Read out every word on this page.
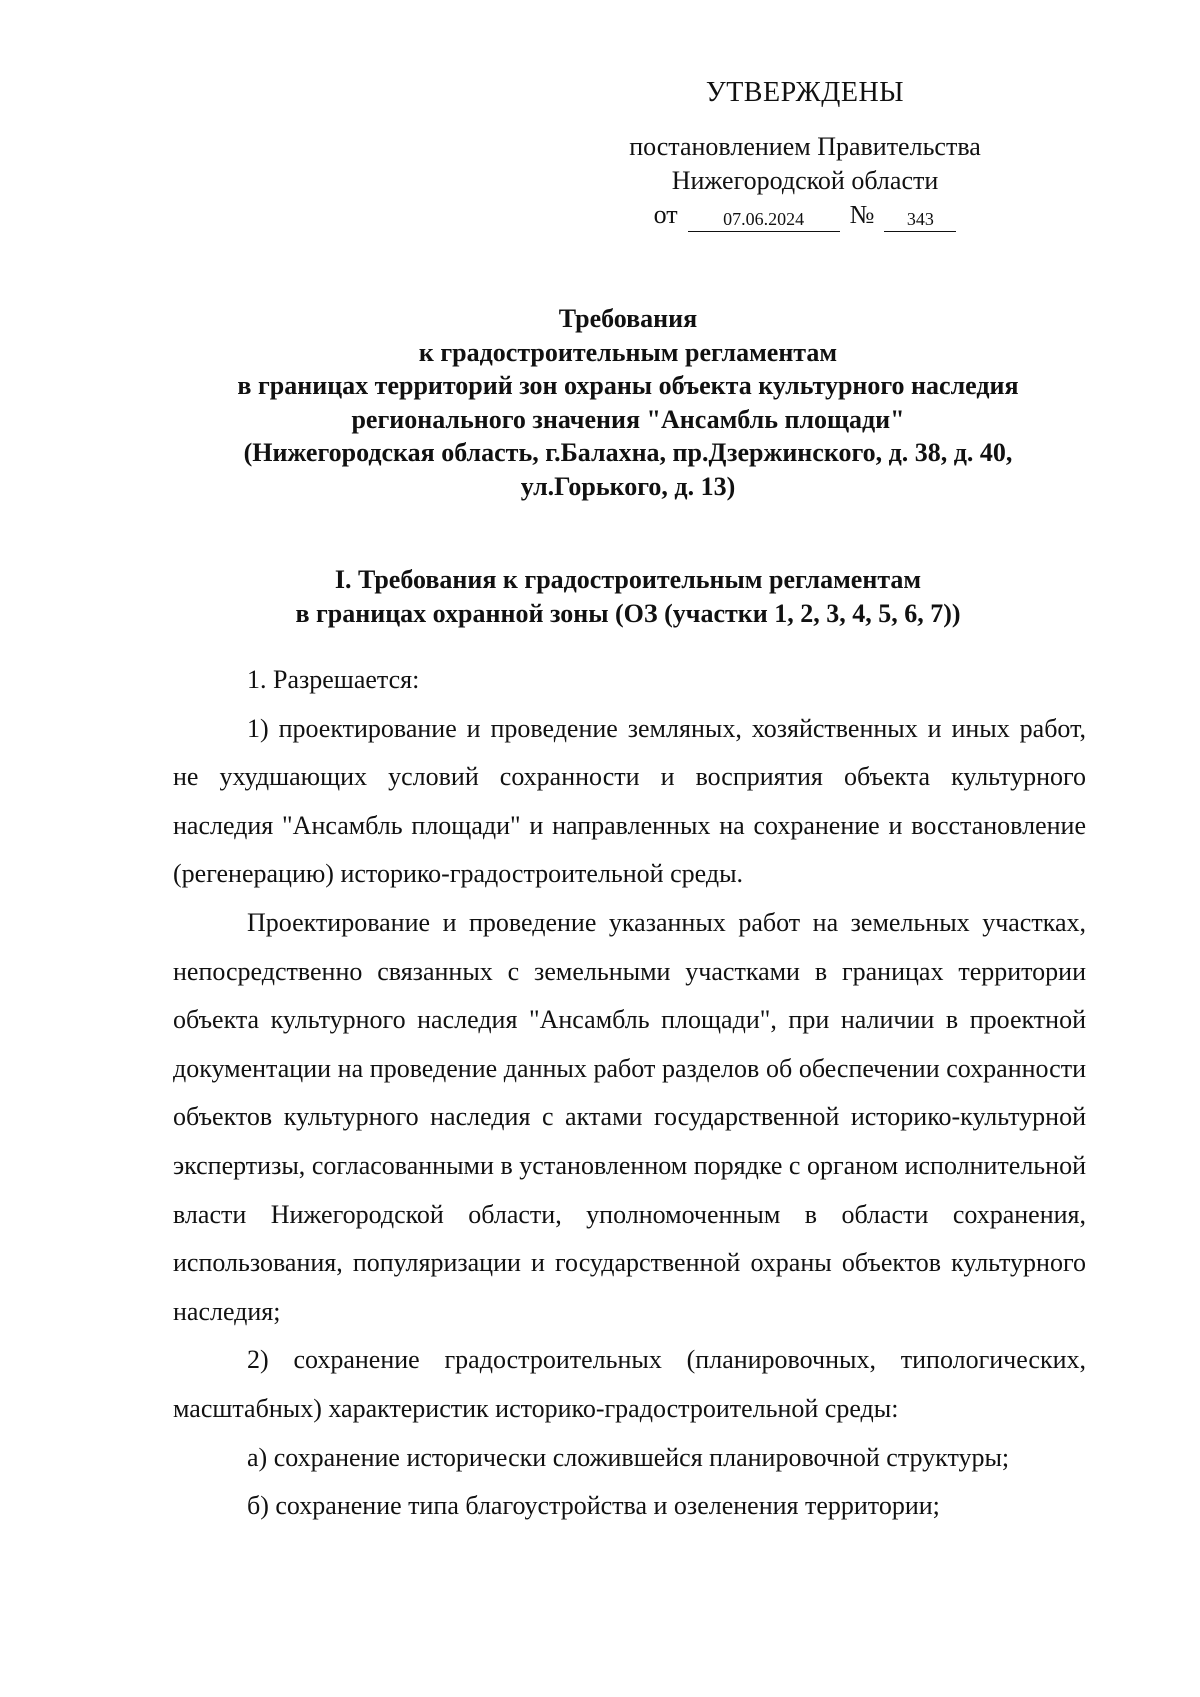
УТВЕРЖДЕНЫ
постановлением Правительства
Нижегородской области
от	07.06.2024	№	343
Требования
к градостроительным регламентам
в границах территорий зон охраны объекта культурного наследия
регионального значения "Ансамбль площади"
(Нижегородская область, г.Балахна, пр.Дзержинского, д. 38, д. 40,
ул.Горького, д. 13)
I. Требования к градостроительным регламентам
в границах охранной зоны (ОЗ (участки 1, 2, 3, 4, 5, 6, 7))

1. Разрешается:

1) проектирование и проведение земляных, хозяйственных и иных работ, не ухудшающих условий сохранности и восприятия объекта культурного наследия "Ансамбль площади" и направленных на сохранение и восстановление (регенерацию) историко-градостроительной среды.

Проектирование и проведение указанных работ на земельных участках, непосредственно связанных с земельными участками в границах территории объекта культурного наследия "Ансамбль площади", при наличии в проектной документации на проведение данных работ разделов об обеспечении сохранности объектов культурного наследия с актами государственной историко-культурной экспертизы, согласованными в установленном порядке с органом исполнительной власти Нижегородской области, уполномоченным в области сохранения, использования, популяризации и государственной охраны объектов культурного наследия;

2) сохранение градостроительных (планировочных, типологических, масштабных) характеристик историко-градостроительной среды:

а) сохранение исторически сложившейся планировочной структуры;

б) сохранение типа благоустройства и озеленения территории;
